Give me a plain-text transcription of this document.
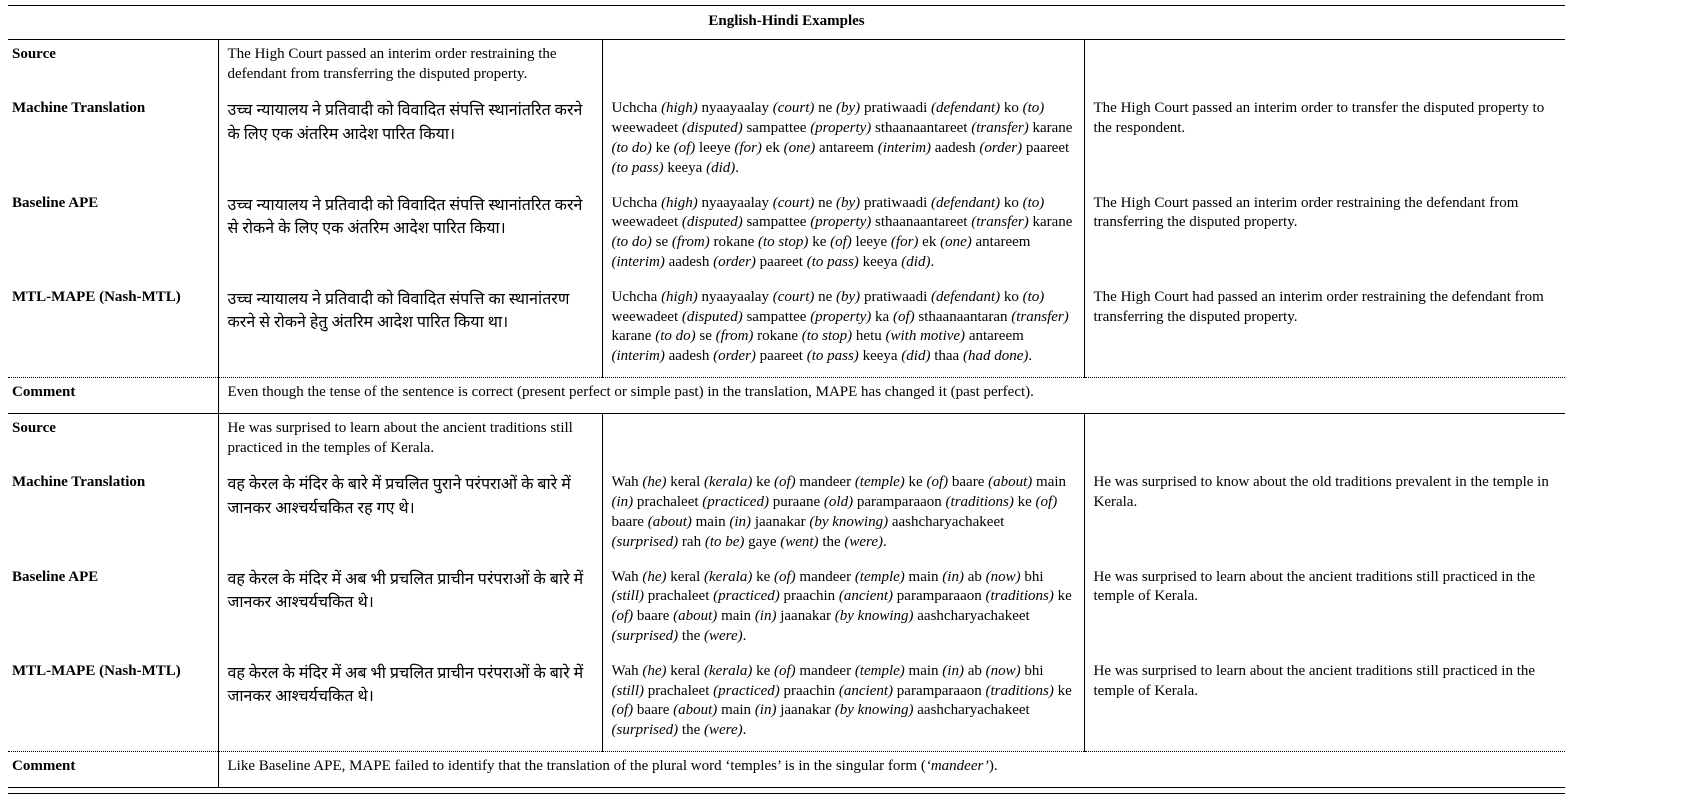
English-Hindi Examples			
Source	The High Court passed an interim order restraining the defendant from transferring the disputed property.		
Machine Translation	उच्च न्यायालय ने प्रतिवादी को विवादित संपत्ति स्थानांतरित करने के लिए एक अंतरिम आदेश पारित किया।	Uchcha (high) nyaayaalay (court) ne (by) pratiwaadi (defendant) ko (to) weewadeet (disputed) sampattee (property) sthaanaantareet (transfer) karane (to do) ke (of) leeye (for) ek (one) antareem (interim) aadesh (order) paareet (to pass) keeya (did).	The High Court passed an interim order to transfer the disputed property to the respondent.
Baseline APE	उच्च न्यायालय ने प्रतिवादी को विवादित संपत्ति स्थानांतरित करने से रोकने के लिए एक अंतरिम आदेश पारित किया।	Uchcha (high) nyaayaalay (court) ne (by) pratiwaadi (defendant) ko (to) weewadeet (disputed) sampattee (property) sthaanaantareet (transfer) karane (to do) se (from) rokane (to stop) ke (of) leeye (for) ek (one) antareem (interim) aadesh (order) paareet (to pass) keeya (did).	The High Court passed an interim order restraining the defendant from transferring the disputed property.
MTL-MAPE (Nash-MTL)	उच्च न्यायालय ने प्रतिवादी को विवादित संपत्ति का स्थानांतरण करने से रोकने हेतु अंतरिम आदेश पारित किया था।	Uchcha (high) nyaayaalay (court) ne (by) pratiwaadi (defendant) ko (to) weewadeet (disputed) sampattee (property) ka (of) sthaanaantaran (transfer) karane (to do) se (from) rokane (to stop) hetu (with motive) antareem (interim) aadesh (order) paareet (to pass) keeya (did) thaa (had done).	The High Court had passed an interim order restraining the defendant from transferring the disputed property.
Comment	Even though the tense of the sentence is correct (present perfect or simple past) in the translation, MAPE has changed it (past perfect).		
Source	He was surprised to learn about the ancient traditions still practiced in the temples of Kerala.		
Machine Translation	वह केरल के मंदिर के बारे में प्रचलित पुराने परंपराओं के बारे में जानकर आश्चर्यचकित रह गए थे।	Wah (he) keral (kerala) ke (of) mandeer (temple) ke (of) baare (about) main (in) prachaleet (practiced) puraane (old) paramparaaon (traditions) ke (of) baare (about) main (in) jaanakar (by knowing) aashcharyachakeet (surprised) rah (to be) gaye (went) the (were).	He was surprised to know about the old traditions prevalent in the temple in Kerala.
Baseline APE	वह केरल के मंदिर में अब भी प्रचलित प्राचीन परंपराओं के बारे में जानकर आश्चर्यचकित थे।	Wah (he) keral (kerala) ke (of) mandeer (temple) main (in) ab (now) bhi (still) prachaleet (practiced) praachin (ancient) paramparaaon (traditions) ke (of) baare (about) main (in) jaanakar (by knowing) aashcharyachakeet (surprised) the (were).	He was surprised to learn about the ancient traditions still practiced in the temple of Kerala.
MTL-MAPE (Nash-MTL)	वह केरल के मंदिर में अब भी प्रचलित प्राचीन परंपराओं के बारे में जानकर आश्चर्यचकित थे।	Wah (he) keral (kerala) ke (of) mandeer (temple) main (in) ab (now) bhi (still) prachaleet (practiced) praachin (ancient) paramparaaon (traditions) ke (of) baare (about) main (in) jaanakar (by knowing) aashcharyachakeet (surprised) the (were).	He was surprised to learn about the ancient traditions still practiced in the temple of Kerala.
Comment	Like Baseline APE, MAPE failed to identify that the translation of the plural word ‘temples’ is in the singular form (‘mandeer’).		
